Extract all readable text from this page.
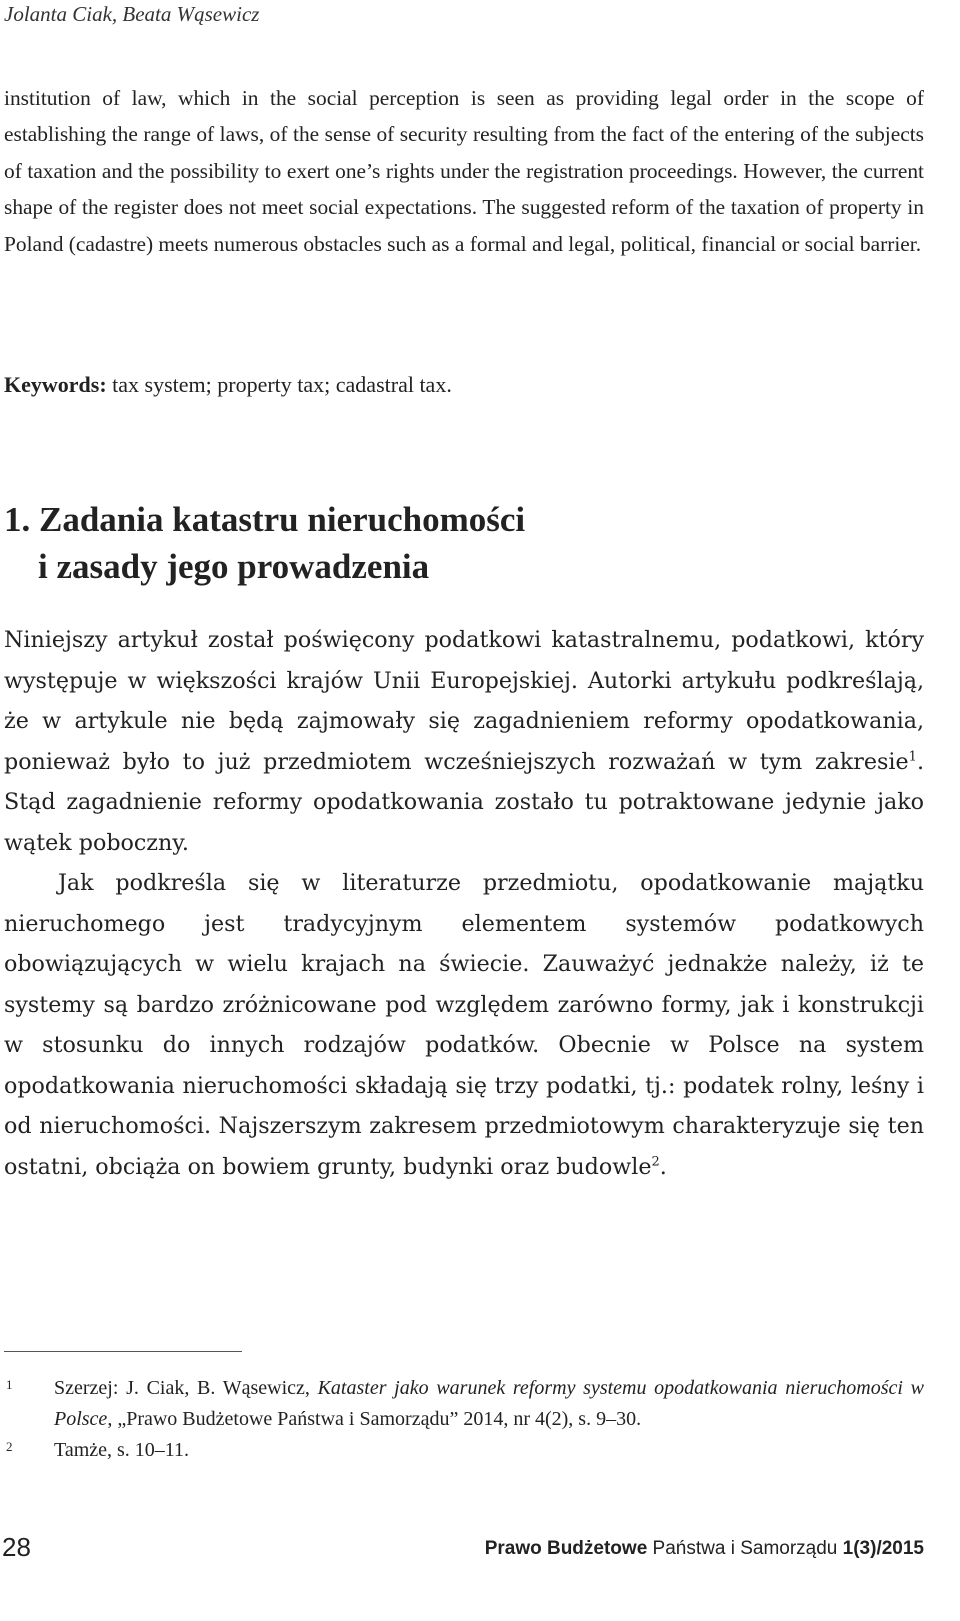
Jolanta Ciak, Beata Wąsewicz

institution of law, which in the social perception is seen as providing legal order in the scope of establishing the range of laws, of the sense of security resulting from the fact of the entering of the subjects of taxation and the possibility to exert one’s rights under the registration proceedings. However, the current shape of the register does not meet social expectations. The suggested reform of the taxation of property in Poland (cadastre) meets numerous obstacles such as a formal and legal, political, financial or social barrier.

Keywords: tax system; property tax; cadastral tax.
1. Zadania katastru nieruchomości
i zasady jego prowadzenia

Niniejszy artykuł został poświęcony podatkowi katastralnemu, podatkowi, który występuje w większości krajów Unii Europejskiej. Autorki artykułu podkreślają, że w artykule nie będą zajmowały się zagadnieniem reformy opodatkowania, ponieważ było to już przedmiotem wcześniejszych rozważań w tym zakresie$^1$. Stąd zagadnienie reformy opodatkowania zostało tu potraktowane jedynie jako wątek poboczny.

Jak podkreśla się w literaturze przedmiotu, opodatkowanie majątku nieruchomego jest tradycyjnym elementem systemów podatkowych obowiązujących w wielu krajach na świecie. Zauważyć jednakże należy, iż te systemy są bardzo zróżnicowane pod względem zarówno formy, jak i konstrukcji w stosunku do innych rodzajów podatków. Obecnie w Polsce na system opodatkowania nieruchomości składają się trzy podatki, tj.: podatek rolny, leśny i od nieruchomości. Najszerszym zakresem przedmiotowym charakteryzuje się ten ostatni, obciąża on bowiem grunty, budynki oraz budowle$^2$.

1 Szerzej: J. Ciak, B. Wąsewicz, Kataster jako warunek reformy systemu opodatkowania nieruchomości w Polsce, „Prawo Budżetowe Państwa i Samorządu” 2014, nr 4(2), s. 9–30.
2 Tamże, s. 10–11.
28	Prawo Budżetowe Państwa i Samorządu 1(3)/2015
